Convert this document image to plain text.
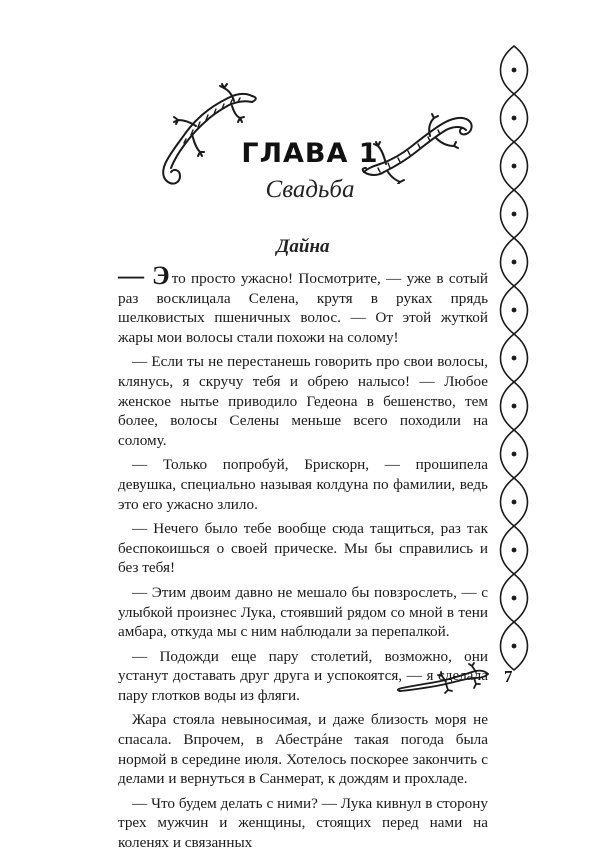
ГЛАВА 1
Свадьба
Дайна

— Э то просто ужасно! Посмотрите, — уже в сотый раз восклицала Селена, крутя в руках прядь шелковистых пшеничных волос. — От этой жуткой жары мои волосы стали похожи на солому!

— Если ты не перестанешь говорить про свои волосы, клянусь, я скручу тебя и обрею налысо! — Любое женское нытье приводило Гедеона в бешенство, тем более, волосы Селены меньше всего походили на солому.

— Только попробуй, Брискорн, — прошипела девушка, специально называя колдуна по фамилии, ведь это его ужасно злило.

— Нечего было тебе вообще сюда тащиться, раз так беспокоишься о своей прическе. Мы бы справились и без тебя!

— Этим двоим давно не мешало бы повзрослеть, — с улыбкой произнес Лука, стоявший рядом со мной в тени амбара, откуда мы с ним наблюдали за перепалкой.

— Подожди еще пару столетий, возможно, они устанут доставать друг друга и успокоятся, — я сделала пару глотков воды из фляги.

Жара стояла невыносимая, и даже близость моря не спасала. Впрочем, в Абестрáне такая погода была нормой в середине июля. Хотелось поскорее закончить с делами и вернуться в Санмерат, к дождям и прохладе.

— Что будем делать с ними? — Лука кивнул в сторону трех мужчин и женщины, стоящих перед нами на коленях и связанных

7
